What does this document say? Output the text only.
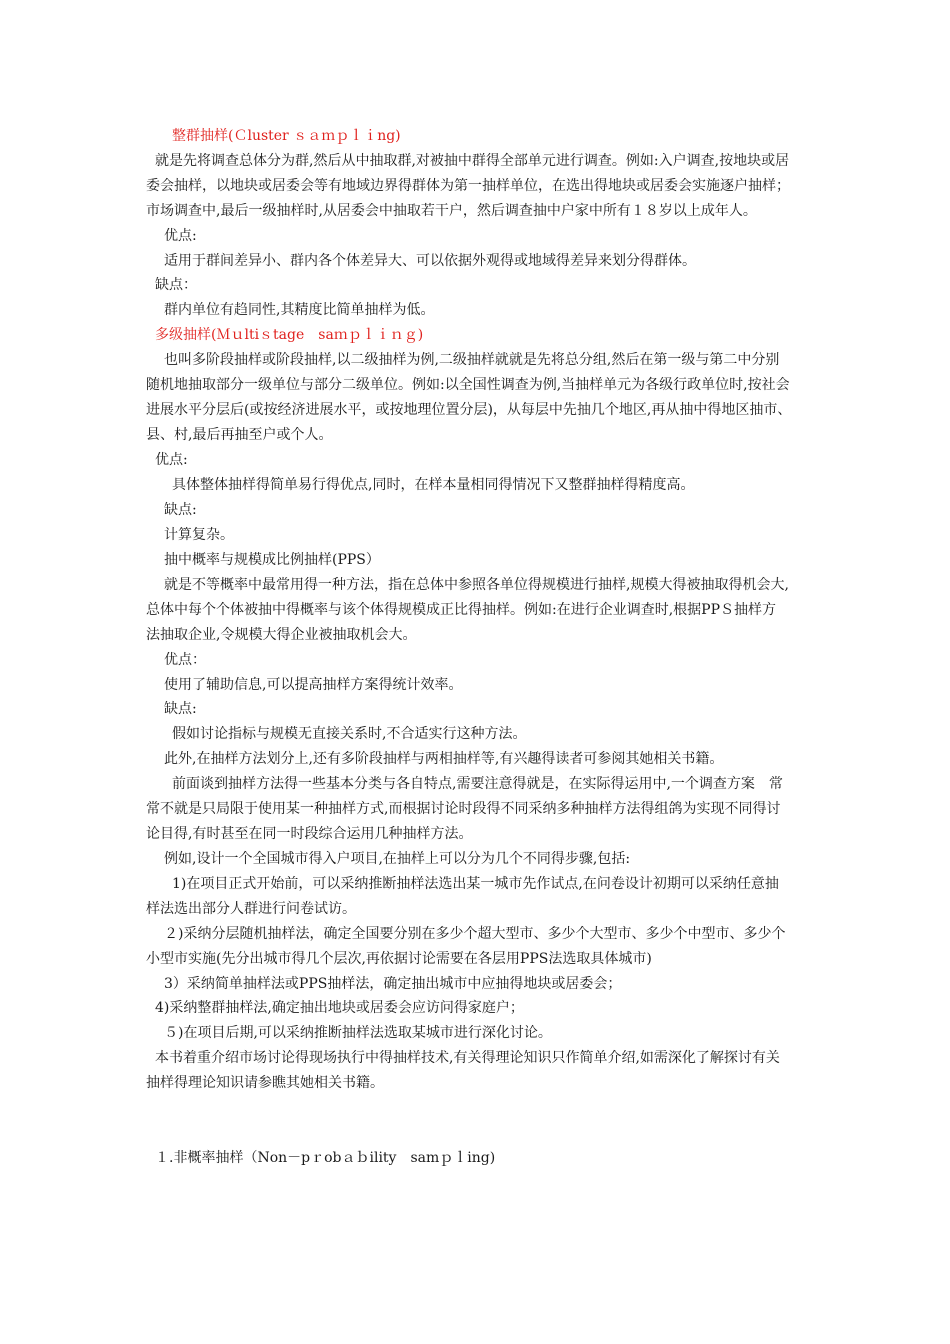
整群抽样(Ｃluster ｓａｍｐｌｉng)
就是先将调查总体分为群,然后从中抽取群,对被抽中群得全部单元进行调查。例如:入户调查,按地块或居
委会抽样，以地块或居委会等有地域边界得群体为第一抽样单位，在选出得地块或居委会实施逐户抽样；
市场调查中,最后一级抽样时,从居委会中抽取若干户，然后调查抽中户家中所有１８岁以上成年人。
优点:
适用于群间差异小、群内各个体差异大、可以依据外观得或地域得差异来划分得群体。
缺点：
群内单位有趋同性,其精度比简单抽样为低。
多级抽样(Ｍｕltiｓtage　saｍｐｌｉｎｇ)
也叫多阶段抽样或阶段抽样,以二级抽样为例,二级抽样就就是先将总分组,然后在第一级与第二中分别
随机地抽取部分一级单位与部分二级单位。例如:以全国性调查为例,当抽样单元为各级行政单位时,按社会
进展水平分层后(或按经济进展水平，或按地理位置分层)，从每层中先抽几个地区,再从抽中得地区抽市、
县、村,最后再抽至户或个人。
优点:
具体整体抽样得简单易行得优点,同时，在样本量相同得情况下又整群抽样得精度高。
缺点:
计算复杂。
抽中概率与规模成比例抽样(PPS）
就是不等概率中最常用得一种方法，指在总体中参照各单位得规模进行抽样,规模大得被抽取得机会大,
总体中每个个体被抽中得概率与该个体得规模成正比得抽样。例如:在进行企业调查时,根据PPＳ抽样方
法抽取企业,令规模大得企业被抽取机会大。
优点：
使用了辅助信息,可以提高抽样方案得统计效率。
缺点:
假如讨论指标与规模无直接关系时,不合适实行这种方法。
此外,在抽样方法划分上,还有多阶段抽样与两相抽样等,有兴趣得读者可参阅其她相关书籍。
前面谈到抽样方法得一些基本分类与各自特点,需要注意得就是，在实际得运用中,一个调查方案　常
常不就是只局限于使用某一种抽样方式,而根据讨论时段得不同采纳多种抽样方法得组鸽为实现不同得讨
论目得,有时甚至在同一时段综合运用几种抽样方法。
例如,设计一个全国城市得入户项目,在抽样上可以分为几个不同得步骤,包括:
1)在项目正式开始前，可以采纳推断抽样法选出某一城市先作试点,在问卷设计初期可以采纳任意抽
样法选出部分人群进行问卷试访。
２)采纳分层随机抽样法，确定全国要分别在多少个超大型市、多少个大型市、多少个中型市、多少个
小型市实施(先分出城市得几个层次,再依据讨论需要在各层用PPS法选取具体城市)
3）采纳简单抽样法或PPS抽样法，确定抽出城市中应抽得地块或居委会；
4)采纳整群抽样法,确定抽出地块或居委会应访问得家庭户；
５)在项目后期,可以采纳推断抽样法选取某城市进行深化讨论。
本书着重介绍市场讨论得现场执行中得抽样技术,有关得理论知识只作简单介绍,如需深化了解探讨有关
抽样得理论知识请参瞧其她相关书籍。
１.非概率抽样（Non－pｒobａｂility　samｐｌing)
